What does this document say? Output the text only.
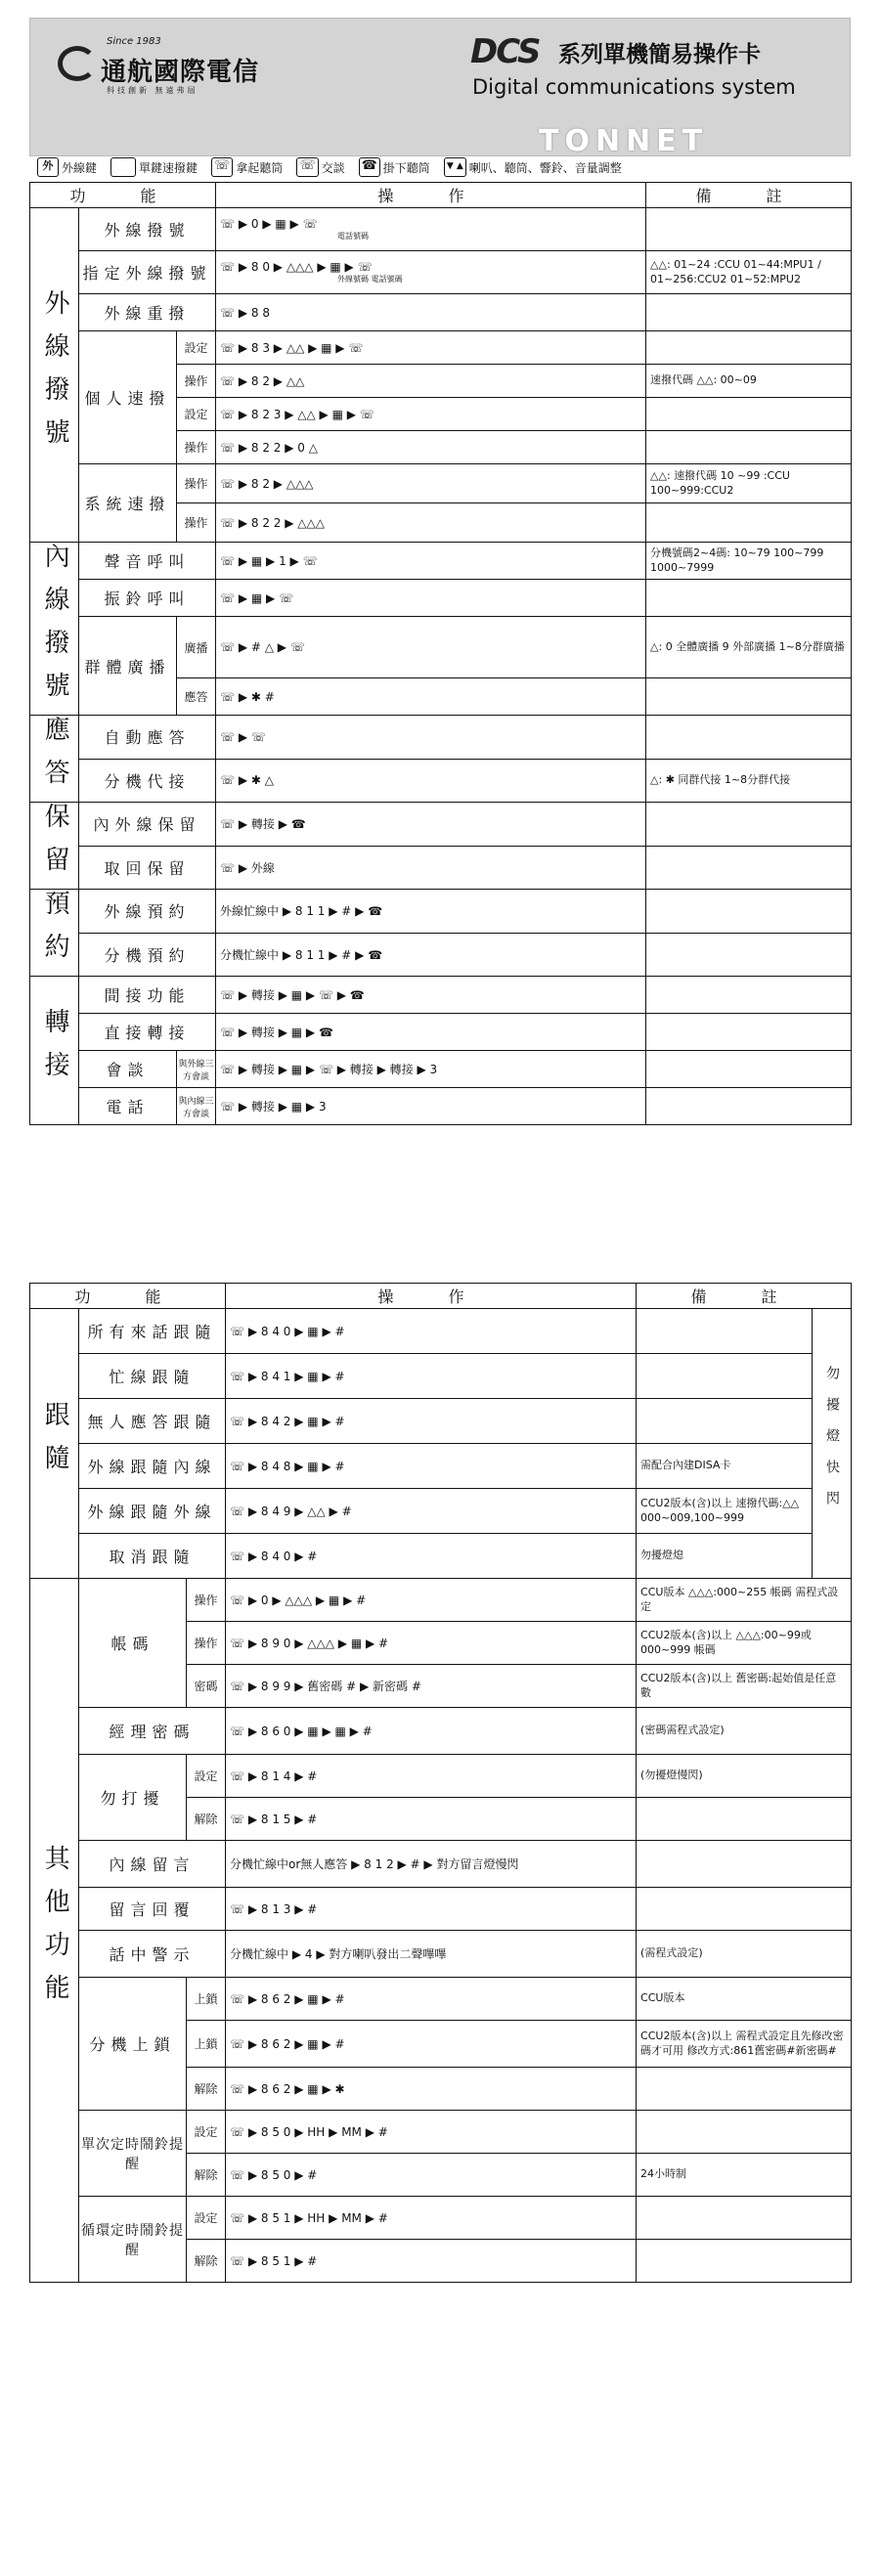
Since 1983
通航國際電信
科技創新 無遠弗屆
DCS 系列單機簡易操作卡
Digital communications system
TONNET
外 外線鍵	單鍵速撥鍵 ☏ 拿起聽筒 ☏ 交談 ☎ 掛下聽筒	▼ ▲ 喇叭、聽筒、響鈴、音量調整
功　能			操　作	備　註
外線撥號	外線撥號		☏ ▶ 0 ▶ ▦ ▶ ☏
電話號碼	

	指定外線撥號		☏ ▶ 8 0 ▶ △△△ ▶ ▦ ▶ ☏
外線號碼 電話號碼	△△: 01~24 :CCU 01~44:MPU1 / 01~256:CCU2 01~52:MPU2
	外線重撥		☏ ▶ 8 8	
	個人速撥	設定	☏ ▶ 8 3 ▶ △△ ▶ ▦ ▶ ☏	
		操作	☏ ▶ 8 2 ▶ △△	速撥代碼 △△: 00~09
		設定	☏ ▶ 8 2 3 ▶ △△ ▶ ▦ ▶ ☏	
		操作	☏ ▶ 8 2 2 ▶ 0 △	
	系統速撥	操作	☏ ▶ 8 2 ▶ △△△	△△: 速撥代碼 10 ~99 :CCU 100~999:CCU2
		操作	☏ ▶ 8 2 2 ▶ △△△	
內線撥號	聲音呼叫		☏ ▶ ▦ ▶ 1 ▶ ☏	分機號碼2~4碼: 10~79 100~799 1000~7999
	振鈴呼叫		☏ ▶ ▦ ▶ ☏	
	群體廣播	廣播	☏ ▶ # △ ▶ ☏	△: 0 全體廣播 9 外部廣播 1~8分群廣播
		應答	☏ ▶ ✱ #	
應答	自動應答		☏ ▶ ☏	
	分機代接		☏ ▶ ✱ △	△: ✱ 同群代接 1~8分群代接
保留	內外線保留		☏ ▶ 轉接 ▶ ☎	
	取回保留		☏ ▶ 外線	
預約	外線預約		外線忙線中 ▶ 8 1 1 ▶ # ▶ ☎	
	分機預約		分機忙線中 ▶ 8 1 1 ▶ # ▶ ☎	
轉接	間接功能		☏ ▶ 轉接 ▶ ▦ ▶ ☏ ▶ ☎	
	直接轉接		☏ ▶ 轉接 ▶ ▦ ▶ ☎	
	會談	與外線三方會談	☏ ▶ 轉接 ▶ ▦ ▶ ☏ ▶ 轉接 ▶ 轉接 ▶ 3	
	電話	與內線三方會談	☏ ▶ 轉接 ▶ ▦ ▶ 3	
功　能			操　作	備　註	
跟隨	所有來話跟隨		☏ ▶ 8 4 0 ▶ ▦ ▶ #		勿擾燈快閃
	忙線跟隨		☏ ▶ 8 4 1 ▶ ▦ ▶ #		
	無人應答跟隨		☏ ▶ 8 4 2 ▶ ▦ ▶ #		
	外線跟隨內線		☏ ▶ 8 4 8 ▶ ▦ ▶ #	需配合內建DISA卡	
	外線跟隨外線		☏ ▶ 8 4 9 ▶ △△ ▶ #	CCU2版本(含)以上 速撥代碼:△△ 000~009,100~999	
	取消跟隨		☏ ▶ 8 4 0 ▶ #	勿擾燈熄	
其他功能	帳碼	操作	☏ ▶ 0 ▶ △△△ ▶ ▦ ▶ #	CCU版本 △△△:000~255 帳碼 需程式設定	
		操作	☏ ▶ 8 9 0 ▶ △△△ ▶ ▦ ▶ #	CCU2版本(含)以上 △△△:00~99或000~999 帳碼	
		密碼	☏ ▶ 8 9 9 ▶ 舊密碼 # ▶ 新密碼 #	CCU2版本(含)以上 舊密碼:起始值是任意數	
	經理密碼		☏ ▶ 8 6 0 ▶ ▦ ▶ ▦ ▶ #	(密碼需程式設定)	
	勿打擾	設定	☏ ▶ 8 1 4 ▶ #	(勿擾燈慢閃)	
		解除	☏ ▶ 8 1 5 ▶ #		
	內線留言		分機忙線中or無人應答 ▶ 8 1 2 ▶ # ▶ 對方留言燈慢閃		
	留言回覆		☏ ▶ 8 1 3 ▶ #		
	話中警示		分機忙線中 ▶ 4 ▶ 對方喇叭發出二聲嗶嗶	(需程式設定)	
	分機上鎖	上鎖	☏ ▶ 8 6 2 ▶ ▦ ▶ #	CCU版本	
		上鎖	☏ ▶ 8 6 2 ▶ ▦ ▶ #	CCU2版本(含)以上 需程式設定且先修改密碼才可用 修改方式:861舊密碼#新密碼#	
		解除	☏ ▶ 8 6 2 ▶ ▦ ▶ ✱		
	單次定時鬧鈴提醒	設定	☏ ▶ 8 5 0 ▶ HH ▶ MM ▶ #		
		解除	☏ ▶ 8 5 0 ▶ #	24小時制	
	循環定時鬧鈴提醒	設定	☏ ▶ 8 5 1 ▶ HH ▶ MM ▶ #		
		解除	☏ ▶ 8 5 1 ▶ #		
